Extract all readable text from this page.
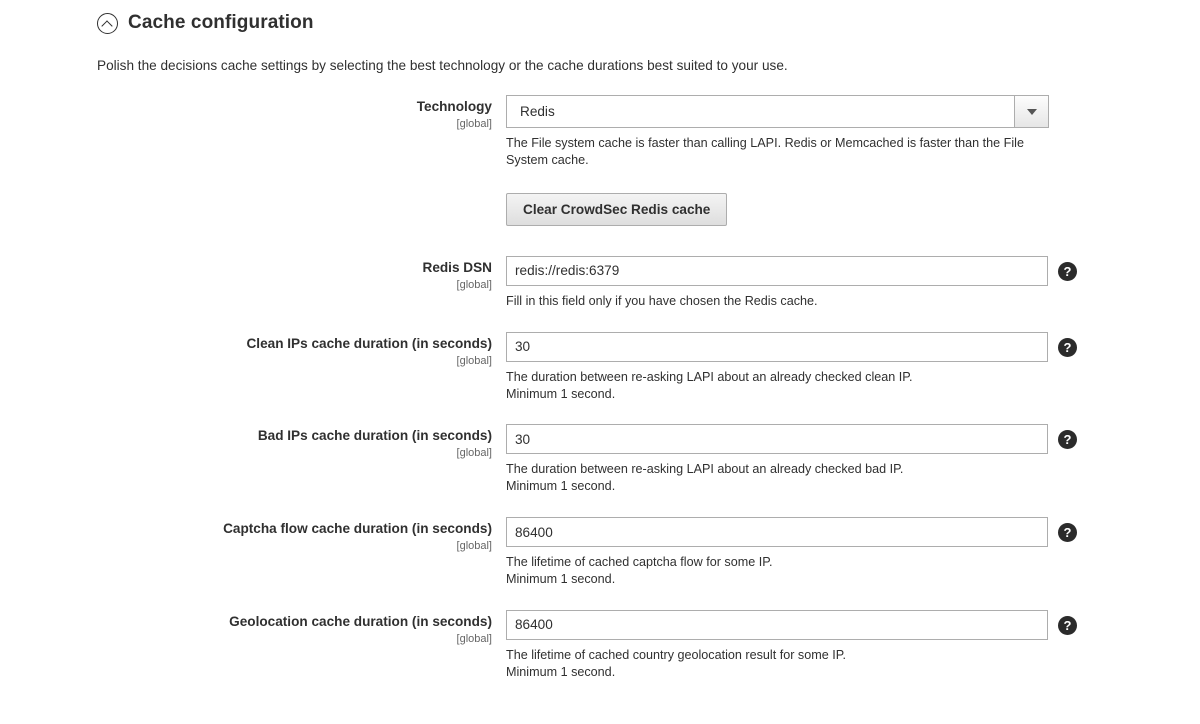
Cache configuration
Polish the decisions cache settings by selecting the best technology or the cache durations best suited to your use.
Technology
[global]
Redis
The File system cache is faster than calling LAPI. Redis or Memcached is faster than the File
System cache.
Clear CrowdSec Redis cache
Redis DSN
[global]
redis://redis:6379
?
Fill in this field only if you have chosen the Redis cache.
Clean IPs cache duration (in seconds)
[global]
30
?
The duration between re-asking LAPI about an already checked clean IP.
Minimum 1 second.
Bad IPs cache duration (in seconds)
[global]
30
?
The duration between re-asking LAPI about an already checked bad IP.
Minimum 1 second.
Captcha flow cache duration (in seconds)
[global]
86400
?
The lifetime of cached captcha flow for some IP.
Minimum 1 second.
Geolocation cache duration (in seconds)
[global]
86400
?
The lifetime of cached country geolocation result for some IP.
Minimum 1 second.
